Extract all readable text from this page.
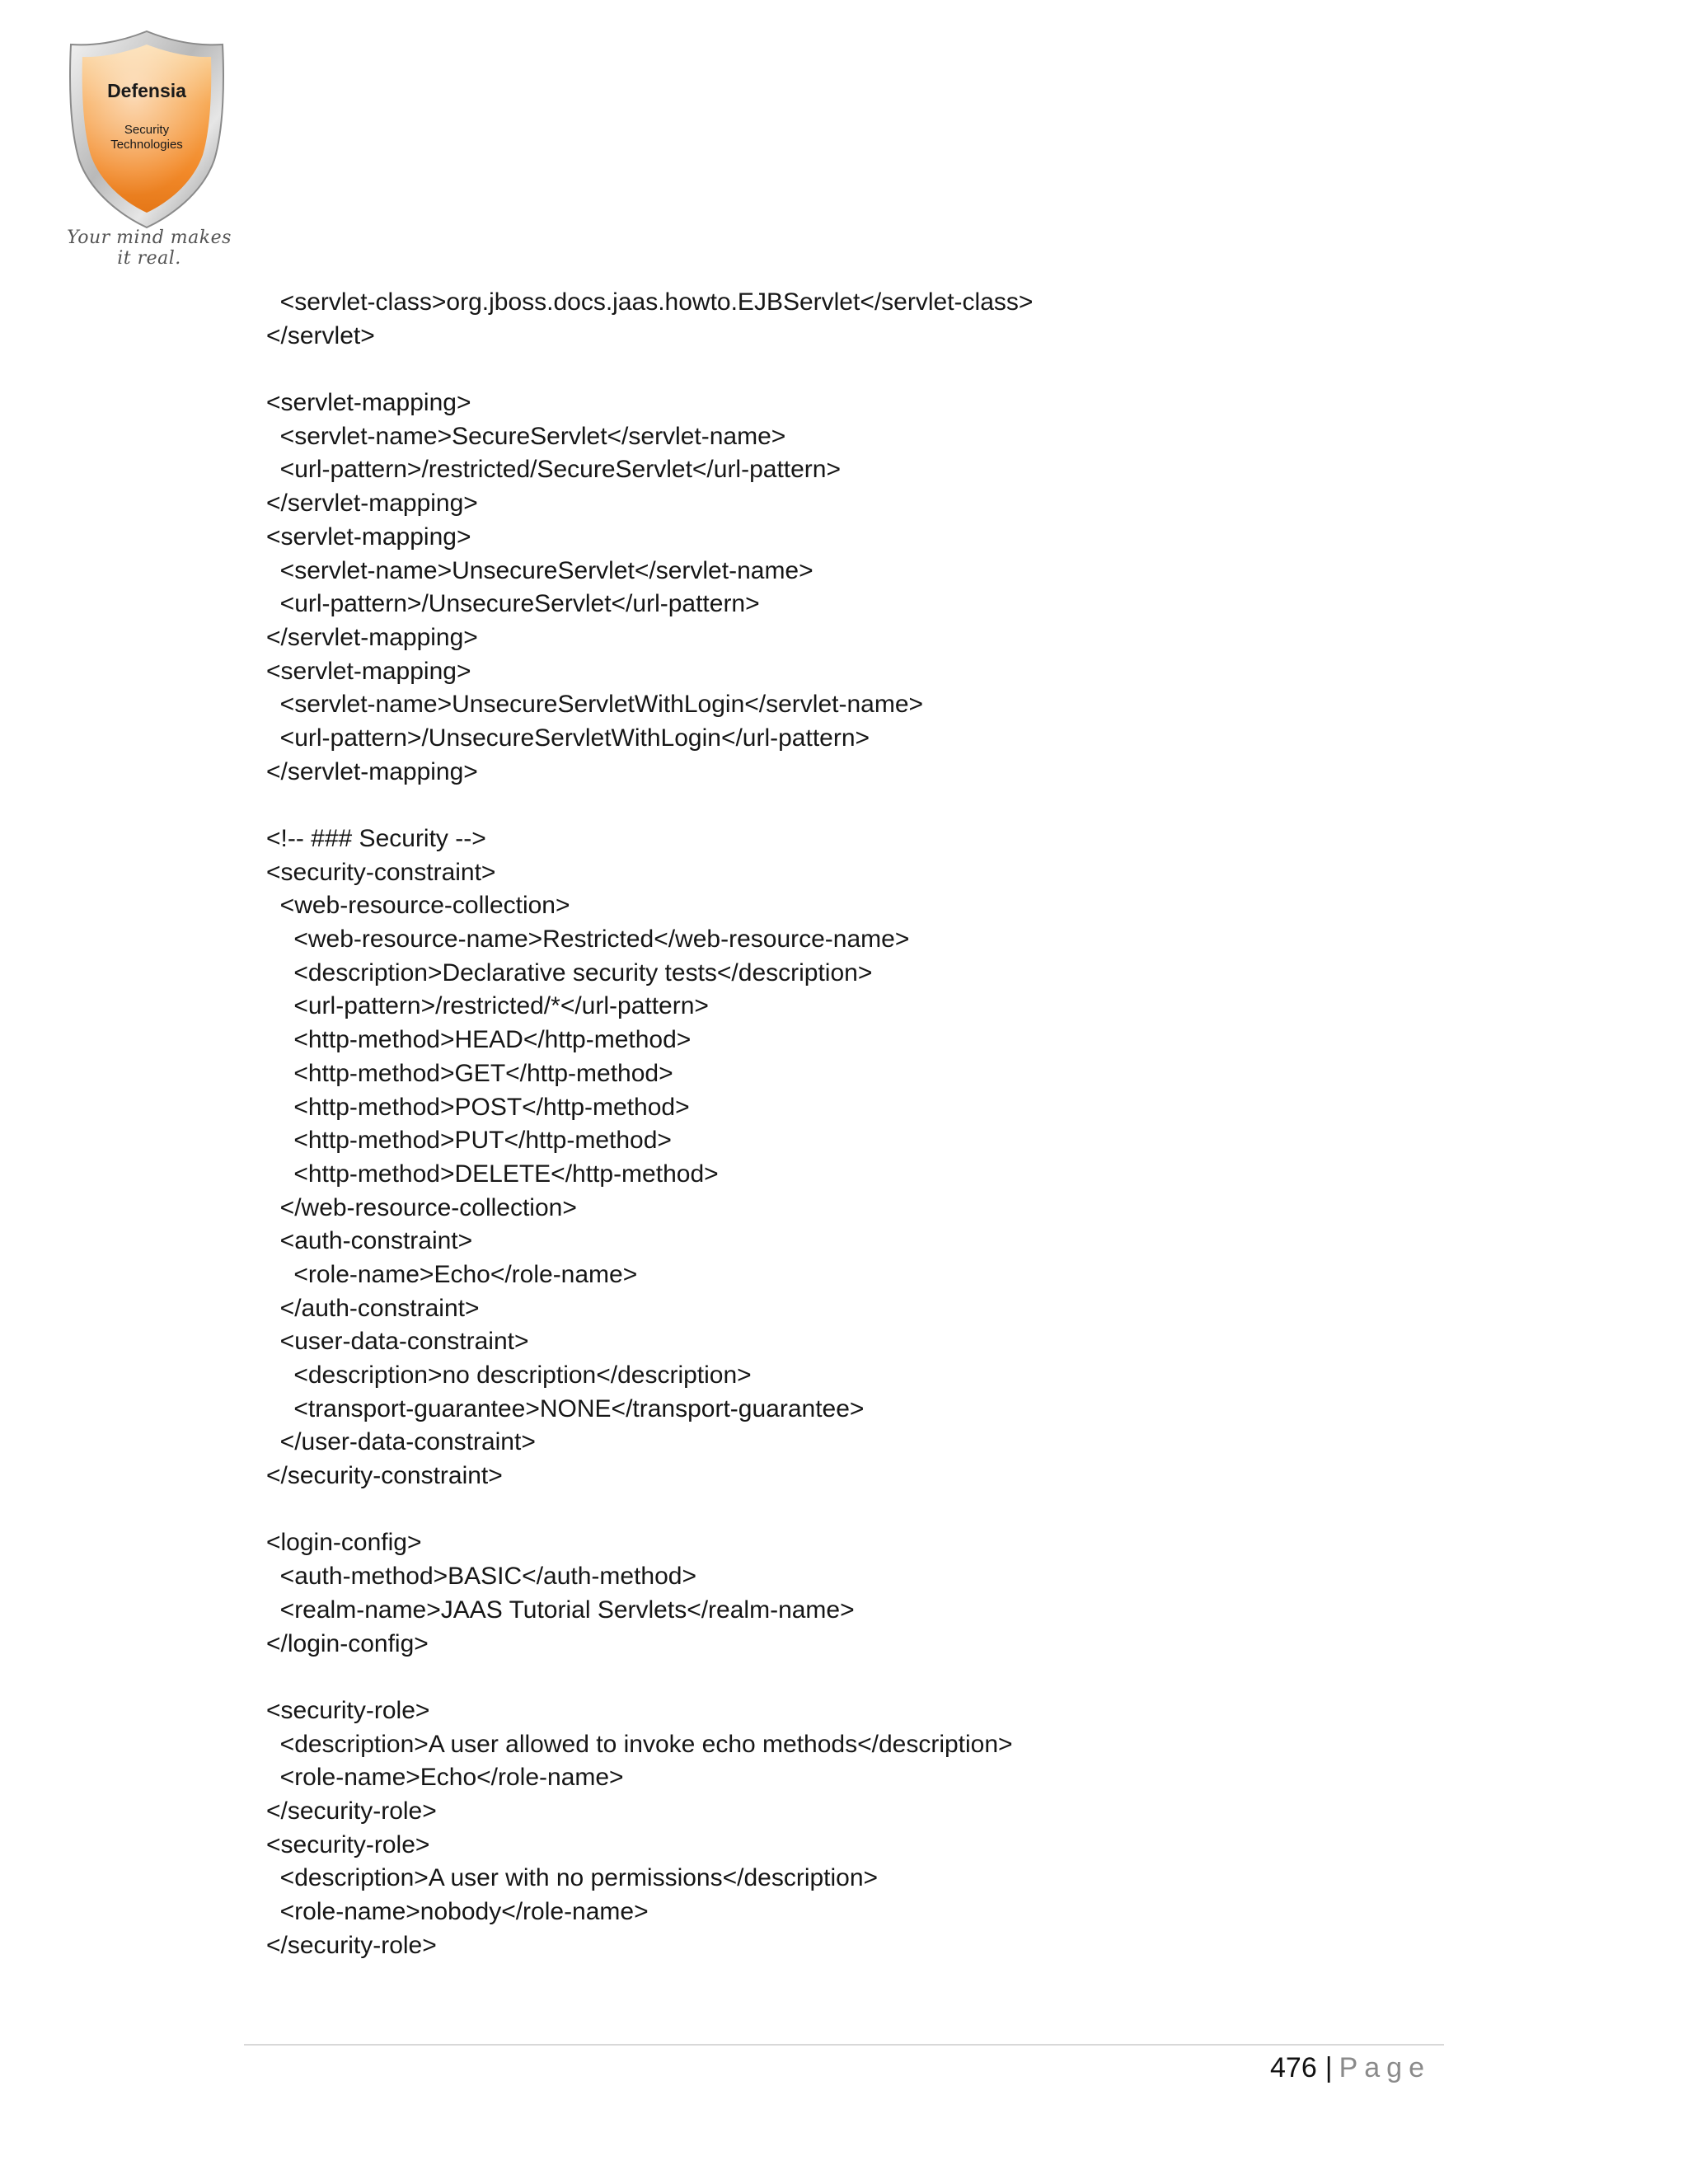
Defensia
Security
Technologies
Your mind makes it real.
<servlet-class>org.jboss.docs.jaas.howto.EJBServlet</servlet-class>
</servlet>
<servlet-mapping>
<servlet-name>SecureServlet</servlet-name>
<url-pattern>/restricted/SecureServlet</url-pattern>
</servlet-mapping>
<servlet-mapping>
<servlet-name>UnsecureServlet</servlet-name>
<url-pattern>/UnsecureServlet</url-pattern>
</servlet-mapping>
<servlet-mapping>
<servlet-name>UnsecureServletWithLogin</servlet-name>
<url-pattern>/UnsecureServletWithLogin</url-pattern>
</servlet-mapping>
<!-- ### Security -->
<security-constraint>
<web-resource-collection>
<web-resource-name>Restricted</web-resource-name>
<description>Declarative security tests</description>
<url-pattern>/restricted/*</url-pattern>
<http-method>HEAD</http-method>
<http-method>GET</http-method>
<http-method>POST</http-method>
<http-method>PUT</http-method>
<http-method>DELETE</http-method>
</web-resource-collection>
<auth-constraint>
<role-name>Echo</role-name>
</auth-constraint>
<user-data-constraint>
<description>no description</description>
<transport-guarantee>NONE</transport-guarantee>
</user-data-constraint>
</security-constraint>
<login-config>
<auth-method>BASIC</auth-method>
<realm-name>JAAS Tutorial Servlets</realm-name>
</login-config>
<security-role>
<description>A user allowed to invoke echo methods</description>
<role-name>Echo</role-name>
</security-role>
<security-role>
<description>A user with no permissions</description>
<role-name>nobody</role-name>
</security-role>
476 | Page
